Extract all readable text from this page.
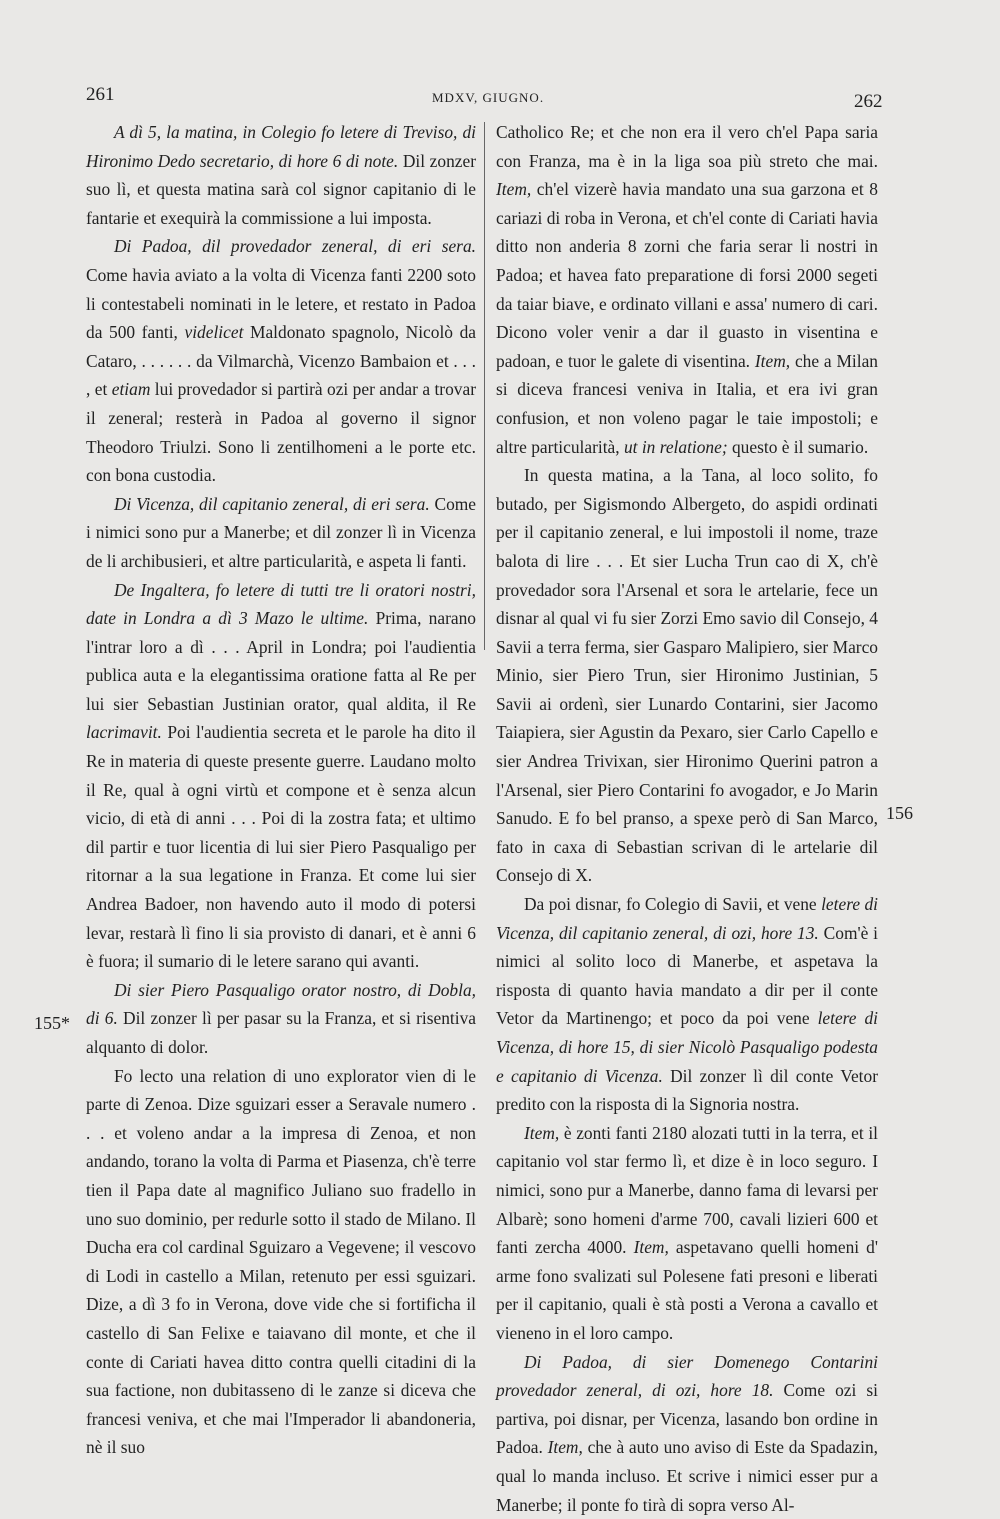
261	MDXV, GIUGNO.	262
155*
156

A dì 5, la matina, in Colegio fo letere di Treviso, di Hironimo Dedo secretario, di hore 6 di note. Dil zonzer suo lì, et questa matina sarà col signor capitanio di le fantarie et exequirà la commissione a lui imposta.

Di Padoa, dil provedador zeneral, di eri sera. Come havia aviato a la volta di Vicenza fanti 2200 soto li contestabeli nominati in le letere, et restato in Padoa da 500 fanti, videlicet Maldonato spagnolo, Nicolò da Cataro, . . . . . . da Vilmarchà, Vicenzo Bambaion et . . . , et etiam lui provedador si partirà ozi per andar a trovar il zeneral; resterà in Padoa al governo il signor Theodoro Triulzi. Sono li zentilhomeni a le porte etc. con bona custodia.

Di Vicenza, dil capitanio zeneral, di eri sera. Come i nimici sono pur a Manerbe; et dil zonzer lì in Vicenza de li archibusieri, et altre particularità, e aspeta li fanti.

De Ingaltera, fo letere di tutti tre li oratori nostri, date in Londra a dì 3 Mazo le ultime. Prima, narano l'intrar loro a dì . . . April in Londra; poi l'audientia publica auta e la elegantissima oratione fatta al Re per lui sier Sebastian Justinian orator, qual aldita, il Re lacrimavit. Poi l'audientia secreta et le parole ha dito il Re in materia di queste presente guerre. Laudano molto il Re, qual à ogni virtù et compone et è senza alcun vicio, di età di anni . . . Poi di la zostra fata; et ultimo dil partir e tuor licentia di lui sier Piero Pasqualigo per ritornar a la sua legatione in Franza. Et come lui sier Andrea Badoer, non havendo auto il modo di potersi levar, restarà lì fino li sia provisto di danari, et è anni 6 è fuora; il sumario di le letere sarano qui avanti.

Di sier Piero Pasqualigo orator nostro, di Dobla, di 6. Dil zonzer lì per pasar su la Franza, et si risentiva alquanto di dolor.

Fo lecto una relation di uno explorator vien di le parte di Zenoa. Dize sguizari esser a Seravale numero . . . et voleno andar a la impresa di Zenoa, et non andando, torano la volta di Parma et Piasenza, ch'è terre tien il Papa date al magnifico Juliano suo fradello in uno suo dominio, per redurle sotto il stado de Milano. Il Ducha era col cardinal Sguizaro a Vegevene; il vescovo di Lodi in castello a Milan, retenuto per essi sguizari. Dize, a dì 3 fo in Verona, dove vide che si fortificha il castello di San Felixe e taiavano dil monte, et che il conte di Cariati havea ditto contra quelli citadini di la sua factione, non dubitasseno di le zanze si diceva che francesi veniva, et che mai l'Imperador li abandoneria, nè il suo

Catholico Re; et che non era il vero ch'el Papa saria con Franza, ma è in la liga soa più streto che mai. Item, ch'el vizerè havia mandato una sua garzona et 8 cariazi di roba in Verona, et ch'el conte di Cariati havia ditto non anderia 8 zorni che faria serar li nostri in Padoa; et havea fato preparatione di forsi 2000 segeti da taiar biave, e ordinato villani e assa' numero di cari. Dicono voler venir a dar il guasto in visentina e padoan, e tuor le galete di visentina. Item, che a Milan si diceva francesi veniva in Italia, et era ivi gran confusion, et non voleno pagar le taie impostoli; e altre particularità, ut in relatione; questo è il sumario.

In questa matina, a la Tana, al loco solito, fo butado, per Sigismondo Albergeto, do aspidi ordinati per il capitanio zeneral, e lui impostoli il nome, traze balota di lire . . . Et sier Lucha Trun cao di X, ch'è provedador sora l'Arsenal et sora le artelarie, fece un disnar al qual vi fu sier Zorzi Emo savio dil Consejo, 4 Savii a terra ferma, sier Gasparo Malipiero, sier Marco Minio, sier Piero Trun, sier Hironimo Justinian, 5 Savii ai ordenì, sier Lunardo Contarini, sier Jacomo Taiapiera, sier Agustin da Pexaro, sier Carlo Capello e sier Andrea Trivixan, sier Hironimo Querini patron a l'Arsenal, sier Piero Contarini fo avogador, e Jo Marin Sanudo. E fo bel pranso, a spexe però di San Marco, fato in caxa di Sebastian scrivan di le artelarie dil Consejo di X.

Da poi disnar, fo Colegio di Savii, et vene letere di Vicenza, dil capitanio zeneral, di ozi, hore 13. Com'è i nimici al solito loco di Manerbe, et aspetava la risposta di quanto havia mandato a dir per il conte Vetor da Martinengo; et poco da poi vene letere di Vicenza, di hore 15, di sier Nicolò Pasqualigo podesta e capitanio di Vicenza. Dil zonzer lì dil conte Vetor predito con la risposta di la Signoria nostra.

Item, è zonti fanti 2180 alozati tutti in la terra, et il capitanio vol star fermo lì, et dize è in loco seguro. I nimici, sono pur a Manerbe, danno fama di levarsi per Albarè; sono homeni d'arme 700, cavali lizieri 600 et fanti zercha 4000. Item, aspetavano quelli homeni d' arme fono svalizati sul Polesene fati presoni e liberati per il capitanio, quali è stà posti a Verona a cavallo et vieneno in el loro campo.

Di Padoa, di sier Domenego Contarini provedador zeneral, di ozi, hore 18. Come ozi si partiva, poi disnar, per Vicenza, lasando bon ordine in Padoa. Item, che à auto uno aviso di Este da Spadazin, qual lo manda incluso. Et scrive i nimici esser pur a Manerbe; il ponte fo tirà di sopra verso Al-
